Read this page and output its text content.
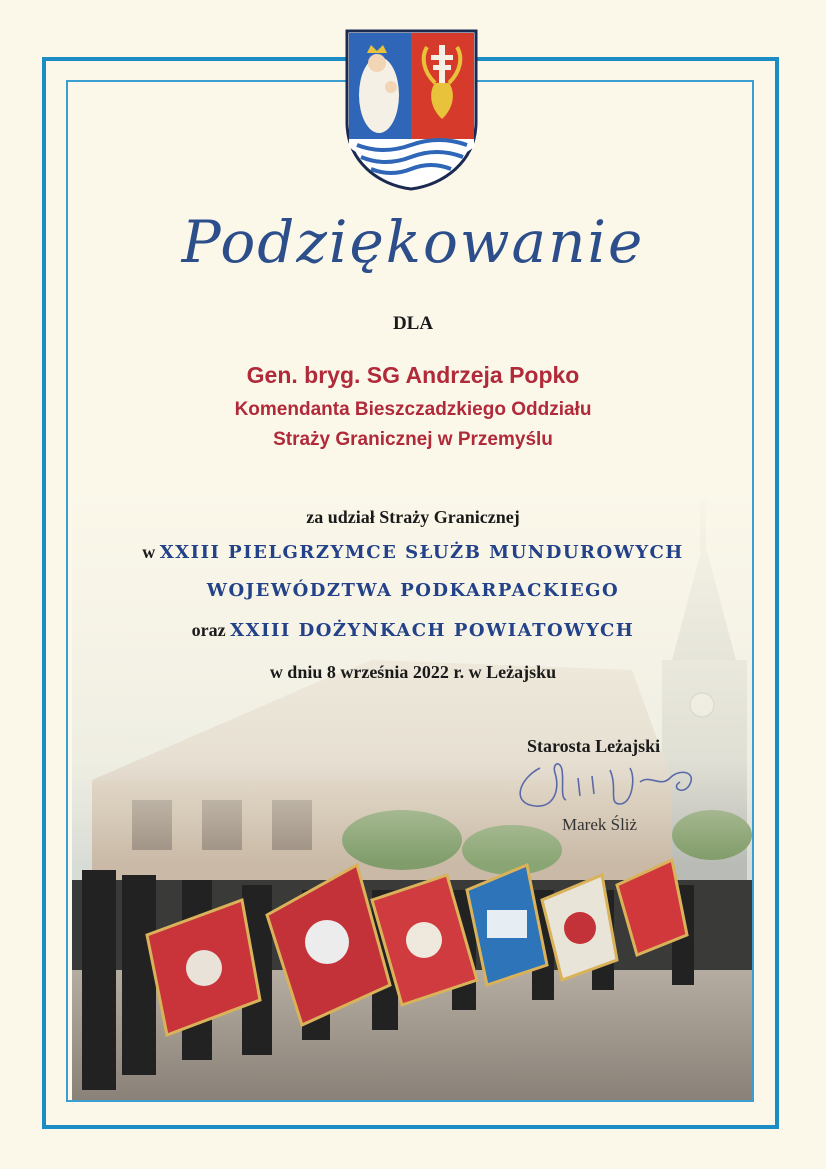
Podziękowanie
DLA
Gen. bryg. SG Andrzeja Popko
Komendanta Bieszczadzkiego Oddziału
Straży Granicznej w Przemyślu
za udział Straży Granicznej
w XXIII PIELGRZYMCE SŁUŻB MUNDUROWYCH
WOJEWÓDZTWA PODKARPACKIEGO
oraz XXIII DOŻYNKACH POWIATOWYCH
w dniu 8 września 2022 r. w Leżajsku
Starosta Leżajski
Marek Śliż
